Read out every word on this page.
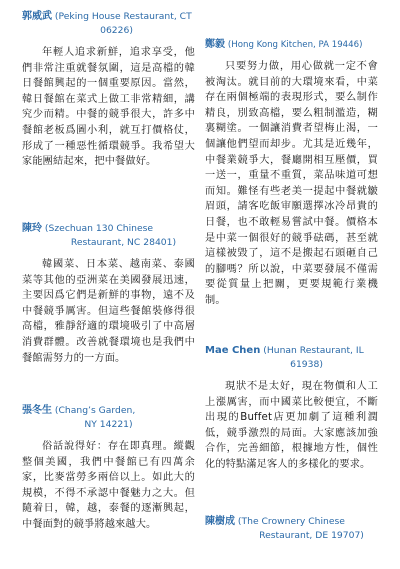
郭威武 (Peking House Restaurant, CT
06226)

年輕人追求新鮮，追求享受，他們非常注重就餐氛圍，這是高檔的韓日餐館興起的一個重要原因。當然，韓日餐館在菜式上做工非常精細，講究少而精。中餐的競爭很大，許多中餐館老板爲圖小利，就互打價格仗，形成了一種惡性循環競爭。我希望大家能團結起來，把中餐做好。

陳玲 (Szechuan 130 Chinese
Restaurant, NC 28401)

韓國菜、日本菜、越南菜、泰國菜等其他的亞洲菜在美國發展迅速，主要因爲它們是新鮮的事物，遠不及中餐競爭厲害。但這些餐館裝修得很高檔，雅靜舒適的環境吸引了中高層消費群體。改善就餐環境也是我們中餐館需努力的一方面。

張冬生 (Chang’s Garden,
NY 14221)

俗話說得好：存在即真理。縱觀整個美國，我們中餐館已有四萬余家，比麥當勞多兩倍以上。如此大的規模，不得不承認中餐魅力之大。但隨着日，韓，越，泰餐的逐漸興起，中餐面對的競爭將越來越大。

鄭毅 (Hong Kong Kitchen, PA 19446)

只要努力做，用心做就一定不會被淘汰。就目前的大環境來看，中菜存在兩個極端的表現形式，要么制作精良，別致高檔，要么粗制濫造，糊裏糊塗。一個讓消費者望梅止渴，一個讓他們望而却步。尤其是近幾年，中餐業競爭大，餐廳開相互壓價，買一送一，重量不重質，菜品味道可想而知。難怪有些老美一提起中餐就皺眉頭，請客吃飯审願選擇冰冷昂貴的日餐，也不敢輕易嘗試中餐。價格本是中菜一個很好的競爭砝碼，甚至就這樣被毀了，這不是搬起石頭砸自己的腳嗎？所以說，中菜要發展不僅需要從質量上把關，更要規範行業機制。

Mae Chen (Hunan Restaurant, IL
61938)

現狀不是太好，現在物價和人工上漲厲害，而中國菜比較便宜，不斷出現的Buffet店更加劇了這種利潤低，競爭激烈的局面。大家應該加強合作，完善細節，根據地方性，個性化的特點滿足客人的多樣化的要求。

陳樹成 (The Crownery Chinese
Restaurant, DE 19707)
